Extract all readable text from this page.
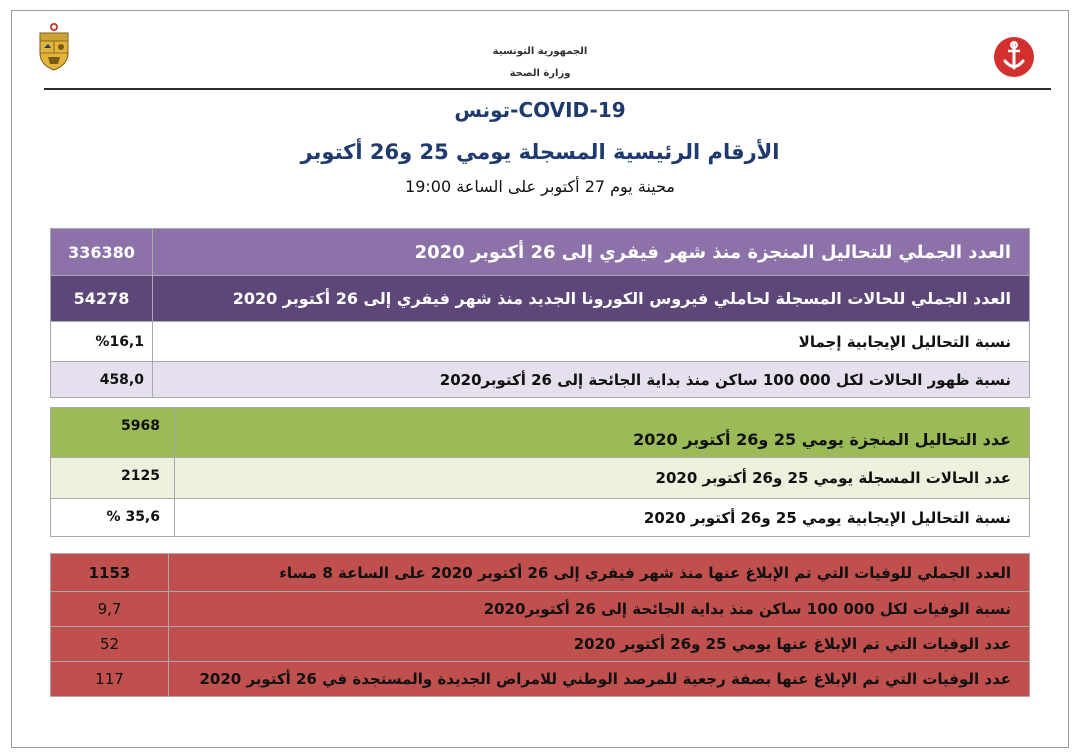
الجمهورية التونسية
وزارة الصحة
COVID-19-تونس
الأرقام الرئيسية المسجلة يومي 25 و26 أكتوبر
محينة يوم 27 أكتوبر على الساعة 19:00
336380	العدد الجملي للتحاليل المنجزة منذ شهر فيفري إلى 26 أكتوبر 2020
54278	العدد الجملي للحالات المسجلة لحاملي فيروس الكورونا الجديد منذ شهر فيفري إلى 26 أكتوبر 2020
%16,1	نسبة التحاليل الإيجابية إجمالا
458,0	نسبة ظهور الحالات لكل 000 100 ساكن منذ بداية الجائحة إلى 26 أكتوبر2020
5968	عدد التحاليل المنجزة يومي 25 و26 أكتوبر 2020
2125	عدد الحالات المسجلة يومي 25 و26 أكتوبر 2020
% 35,6	نسبة التحاليل الإيجابية يومي 25 و26 أكتوبر 2020
1153	العدد الجملي للوفيات التي تم الإبلاغ عنها منذ شهر فيفري إلى 26 أكتوبر 2020 على الساعة 8 مساء
9,7	نسبة الوفيات لكل 000 100 ساكن منذ بداية الجائحة إلى 26 أكتوبر2020
52	عدد الوفيات التي تم الإبلاغ عنها يومي 25 و26 أكتوبر 2020
117	عدد الوفيات التي تم الإبلاغ عنها بصفة رجعية للمرصد الوطني للامراض الجديدة والمستجدة في 26 أكتوبر 2020
